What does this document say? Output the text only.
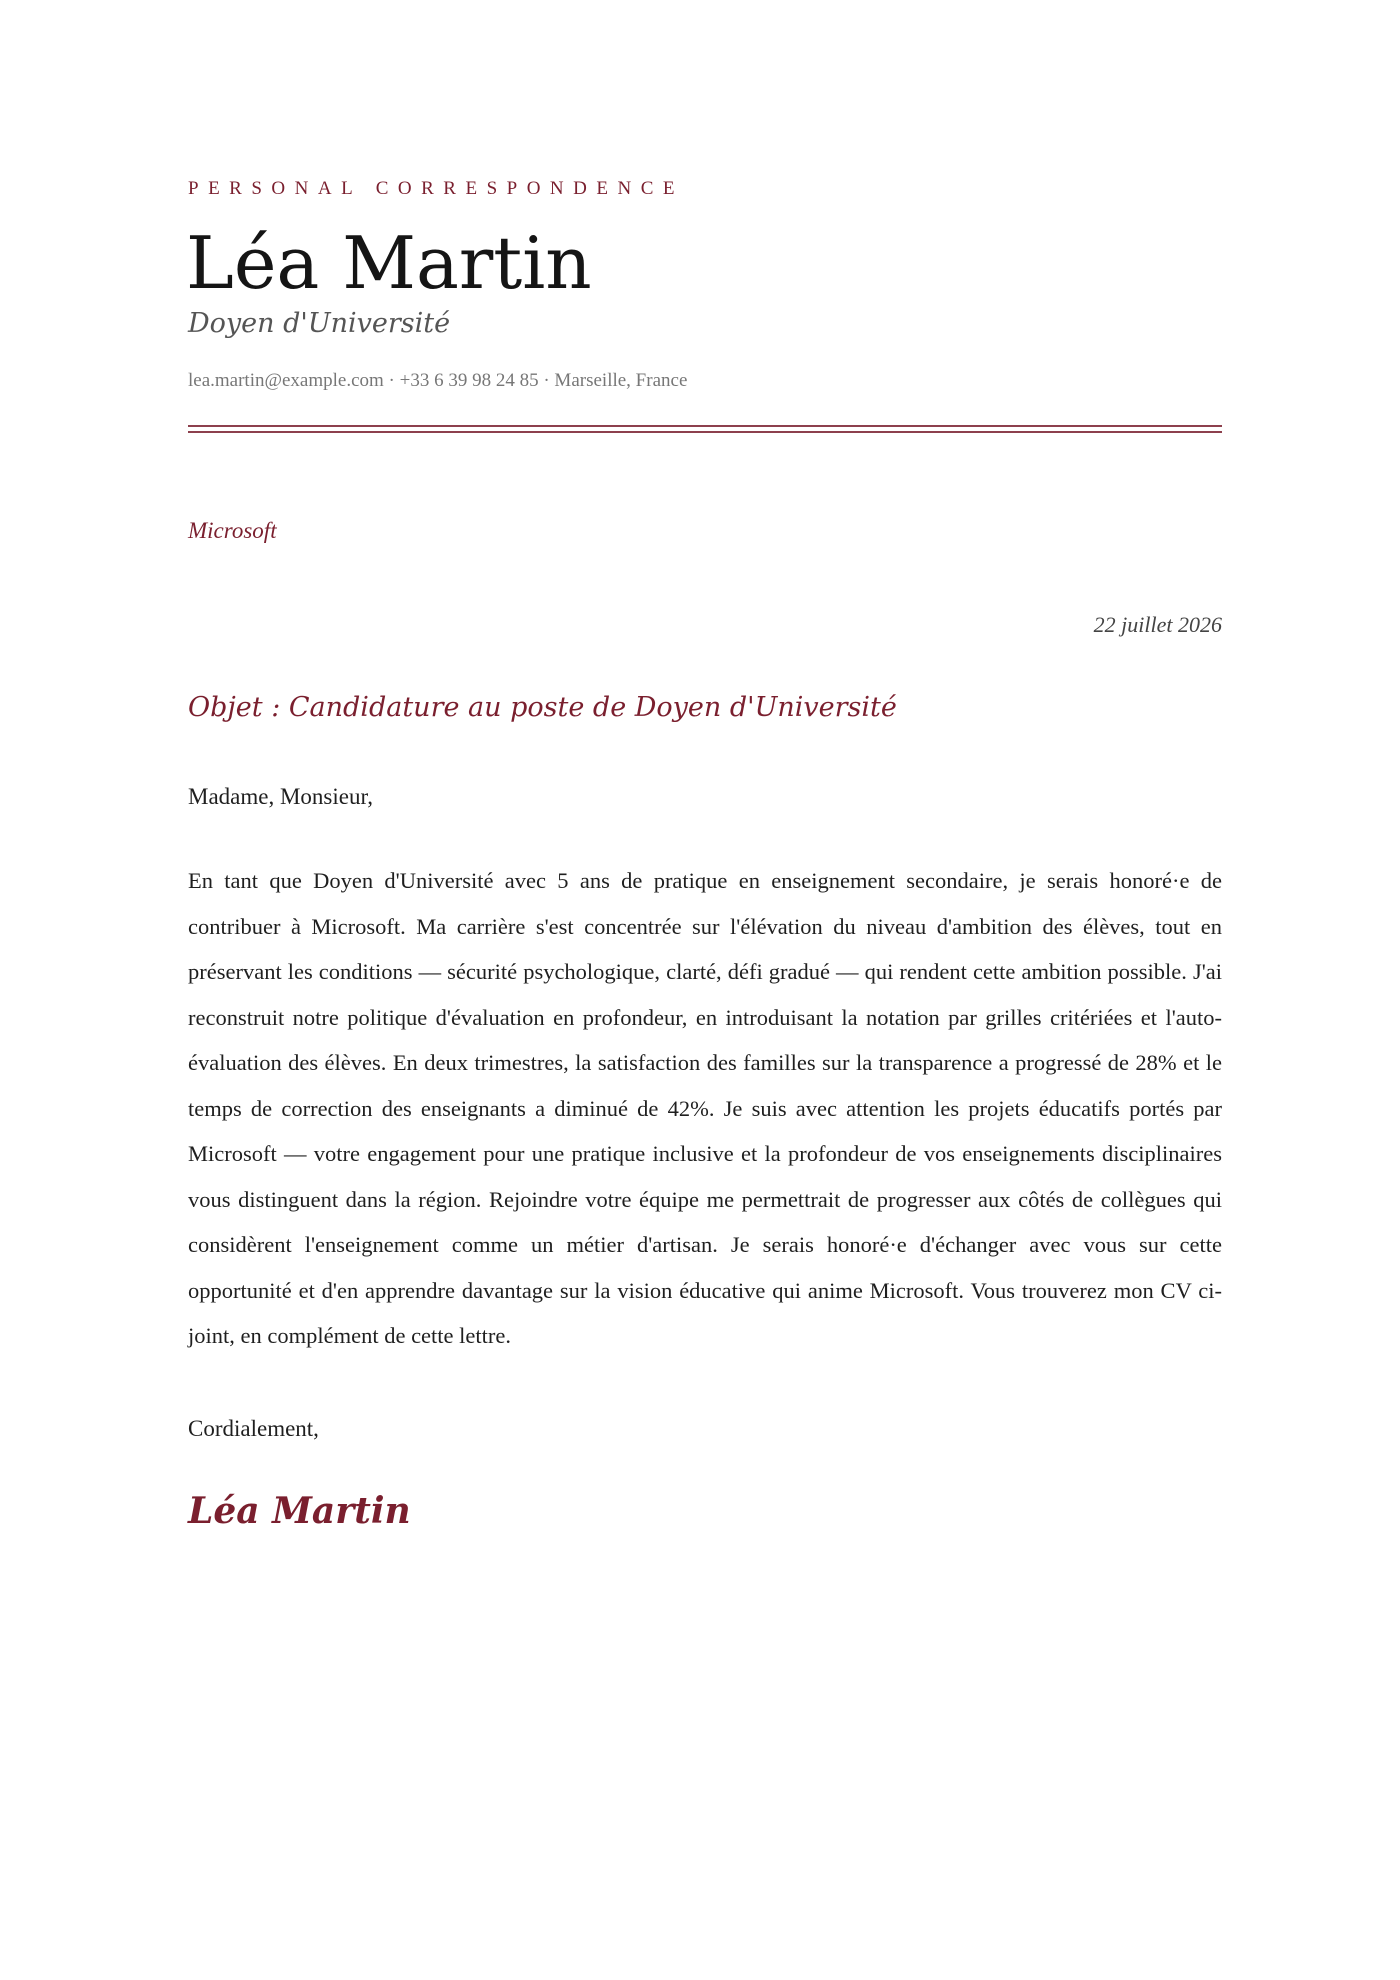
PERSONAL CORRESPONDENCE
Léa Martin
Doyen d'Université
lea.martin@example.com · +33 6 39 98 24 85 · Marseille, France
Microsoft
22 juillet 2026
Objet : Candidature au poste de Doyen d'Université
Madame, Monsieur,

En tant que Doyen d'Université avec 5 ans de pratique en enseignement secondaire, je serais honoré·e de contribuer à Microsoft. Ma carrière s'est concentrée sur l'élévation du niveau d'ambition des élèves, tout en préservant les conditions — sécurité psychologique, clarté, défi gradué — qui rendent cette ambition possible. J'ai reconstruit notre politique d'évaluation en profondeur, en introduisant la notation par grilles critériées et l'auto-évaluation des élèves. En deux trimestres, la satisfaction des familles sur la transparence a progressé de 28% et le temps de correction des enseignants a diminué de 42%. Je suis avec attention les projets éducatifs portés par Microsoft — votre engagement pour une pratique inclusive et la profondeur de vos enseignements disciplinaires vous distinguent dans la région. Rejoindre votre équipe me permettrait de progresser aux côtés de collègues qui considèrent l'enseignement comme un métier d'artisan. Je serais honoré·e d'échanger avec vous sur cette opportunité et d'en apprendre davantage sur la vision éducative qui anime Microsoft. Vous trouverez mon CV ci-joint, en complément de cette lettre.

Cordialement,
Léa Martin
